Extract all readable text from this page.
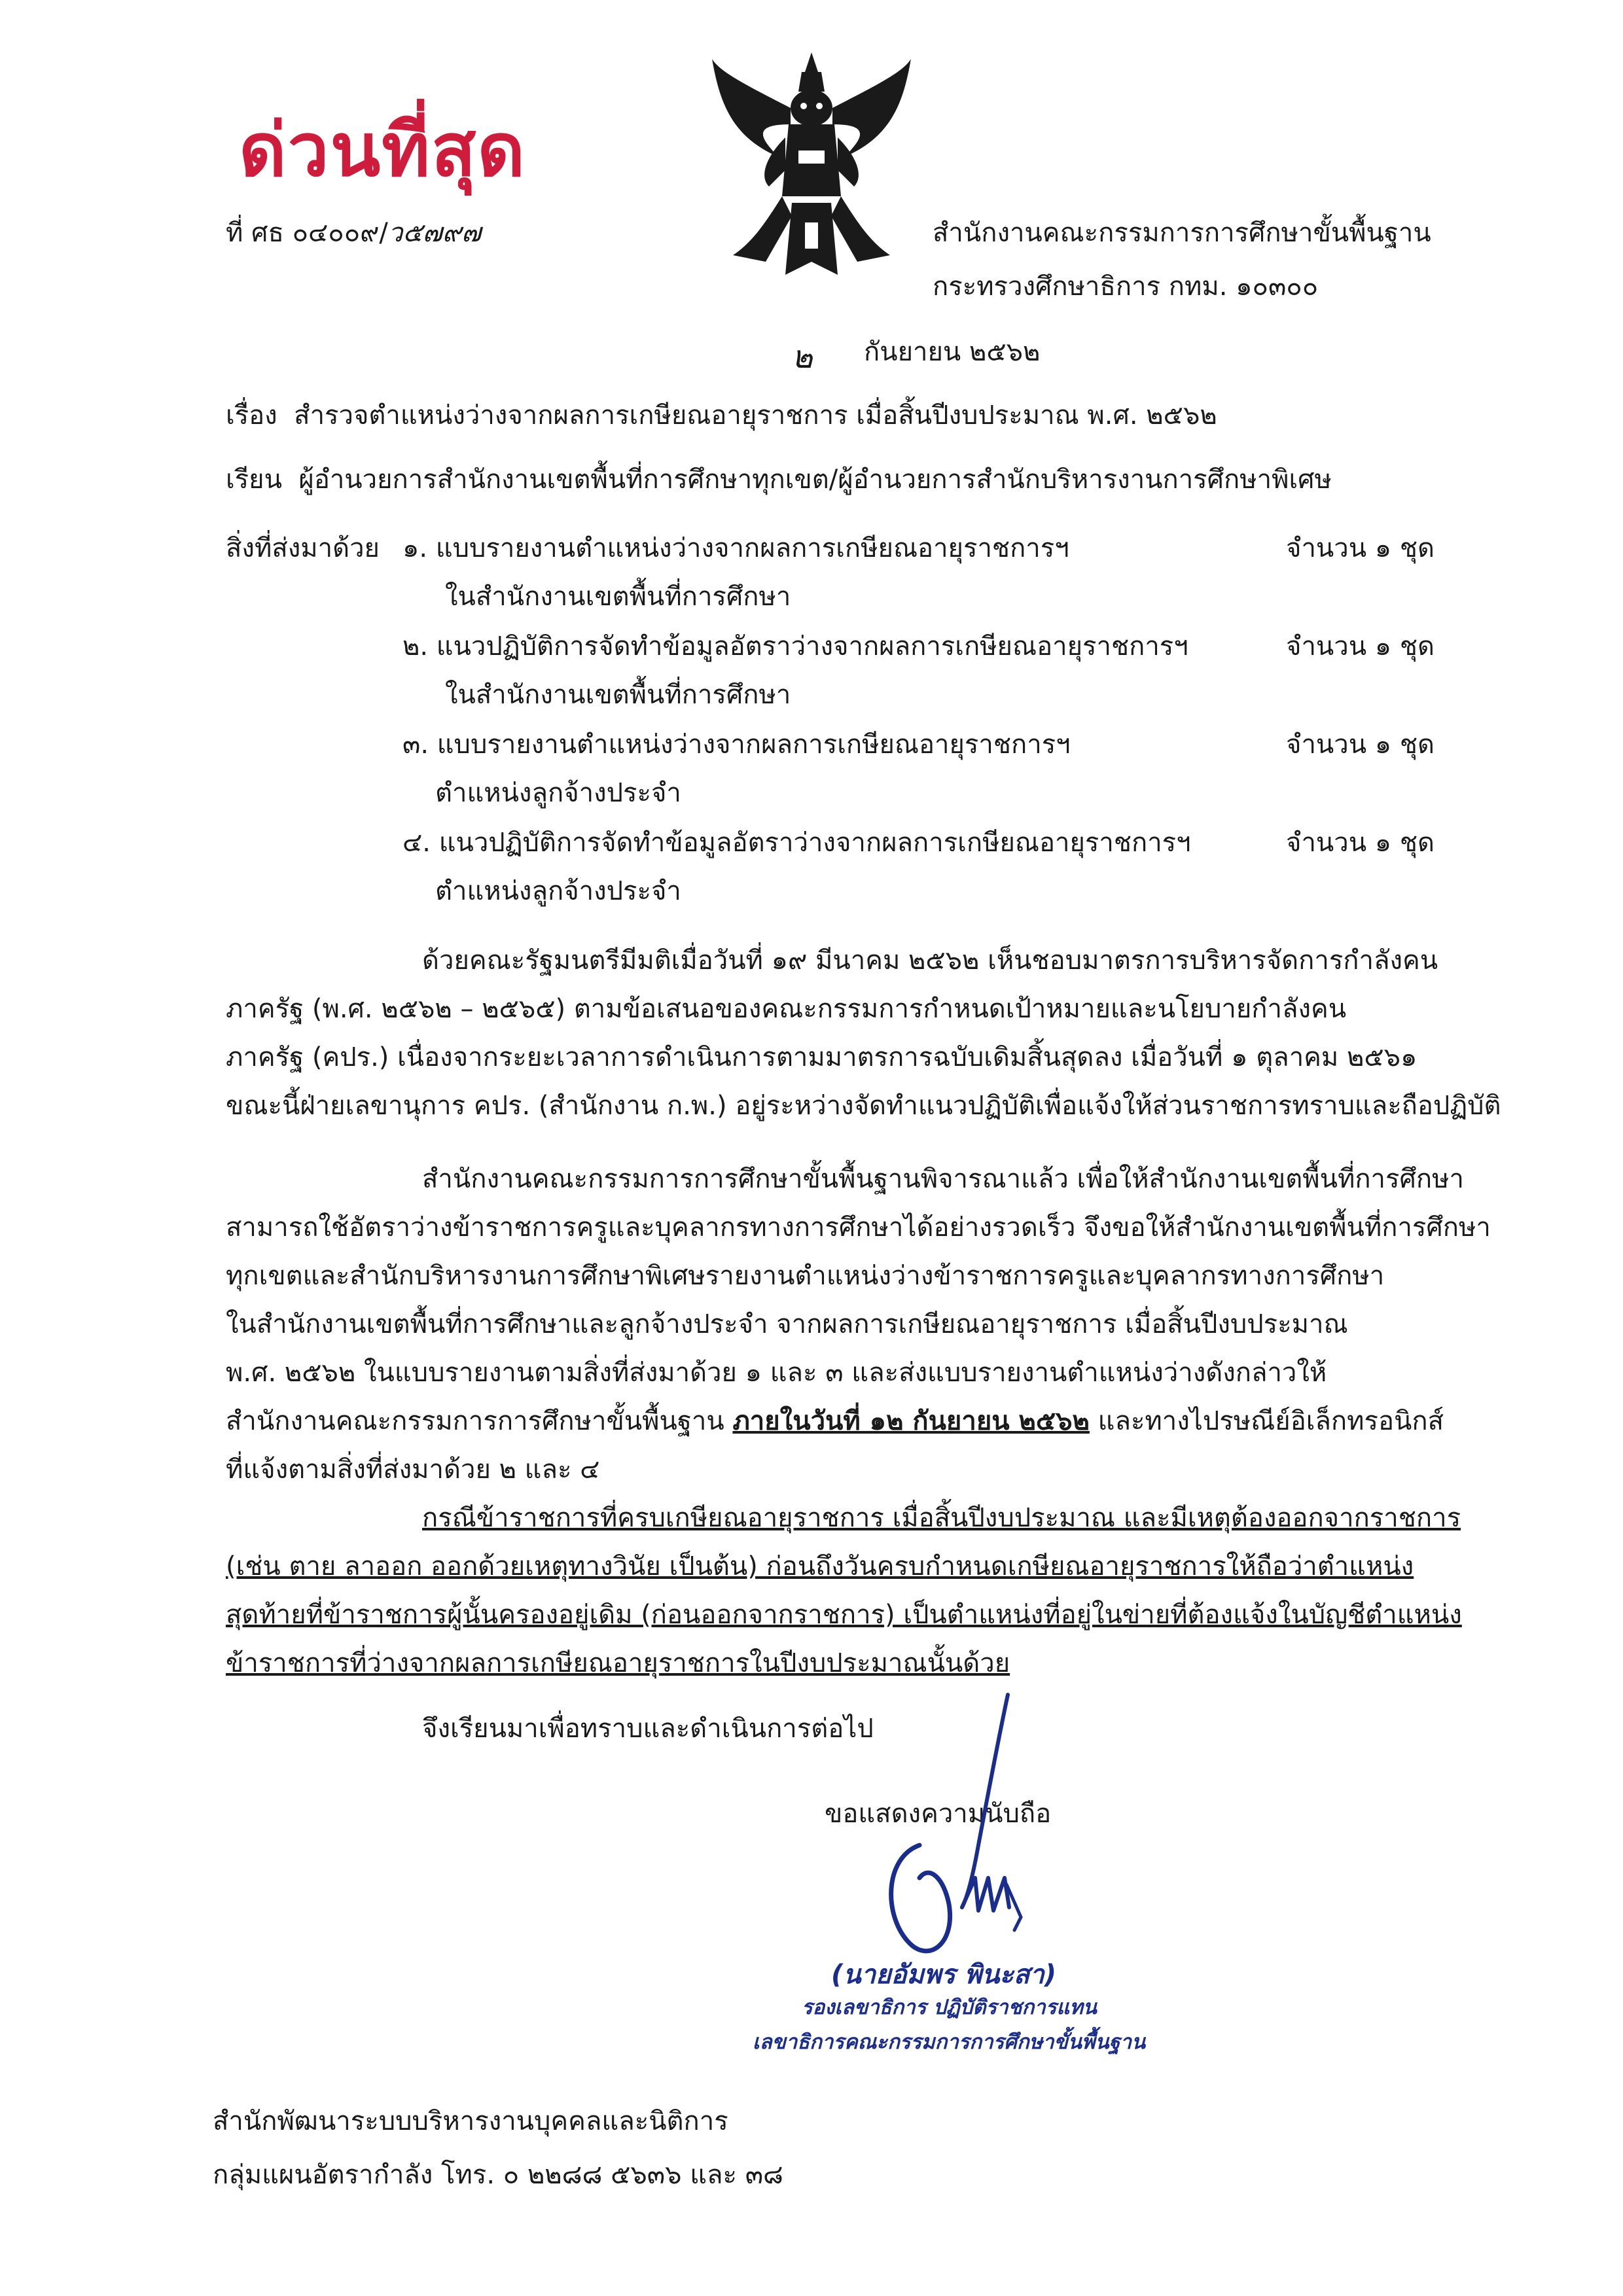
ด่วนที่สุด
ที่ ศธ ๐๔๐๐๙/ว๕๗๙๗	สำนักงานคณะกรรมการการศึกษาขั้นพื้นฐาน
กระทรวงศึกษาธิการ กทม. ๑๐๓๐๐
๒ กันยายน ๒๕๖๒
เรื่อง สำรวจตำแหน่งว่างจากผลการเกษียณอายุราชการ เมื่อสิ้นปีงบประมาณ พ.ศ. ๒๕๖๒
เรียน ผู้อำนวยการสำนักงานเขตพื้นที่การศึกษาทุกเขต/ผู้อำนวยการสำนักบริหารงานการศึกษาพิเศษ
สิ่งที่ส่งมาด้วย ๑. แบบรายงานตำแหน่งว่างจากผลการเกษียณอายุราชการฯ
ในสำนักงานเขตพื้นที่การศึกษา
จำนวน ๑ ชุด
๒. แนวปฏิบัติการจัดทำข้อมูลอัตราว่างจากผลการเกษียณอายุราชการฯ
ในสำนักงานเขตพื้นที่การศึกษา
จำนวน ๑ ชุด
๓. แบบรายงานตำแหน่งว่างจากผลการเกษียณอายุราชการฯ
ตำแหน่งลูกจ้างประจำ
จำนวน ๑ ชุด
๔. แนวปฏิบัติการจัดทำข้อมูลอัตราว่างจากผลการเกษียณอายุราชการฯ
ตำแหน่งลูกจ้างประจำ
จำนวน ๑ ชุด
ด้วยคณะรัฐมนตรีมีมติเมื่อวันที่ ๑๙ มีนาคม ๒๕๖๒ เห็นชอบมาตรการบริหารจัดการกำลังคน
ภาครัฐ (พ.ศ. ๒๕๖๒ – ๒๕๖๕) ตามข้อเสนอของคณะกรรมการกำหนดเป้าหมายและนโยบายกำลังคน
ภาครัฐ (คปร.) เนื่องจากระยะเวลาการดำเนินการตามมาตรการฉบับเดิมสิ้นสุดลง เมื่อวันที่ ๑ ตุลาคม ๒๕๖๑
ขณะนี้ฝ่ายเลขานุการ คปร. (สำนักงาน ก.พ.) อยู่ระหว่างจัดทำแนวปฏิบัติเพื่อแจ้งให้ส่วนราชการทราบและถือปฏิบัติ
สำนักงานคณะกรรมการการศึกษาขั้นพื้นฐานพิจารณาแล้ว เพื่อให้สำนักงานเขตพื้นที่การศึกษา
สามารถใช้อัตราว่างข้าราชการครูและบุคลากรทางการศึกษาได้อย่างรวดเร็ว จึงขอให้สำนักงานเขตพื้นที่การศึกษา
ทุกเขตและสำนักบริหารงานการศึกษาพิเศษรายงานตำแหน่งว่างข้าราชการครูและบุคลากรทางการศึกษา
ในสำนักงานเขตพื้นที่การศึกษาและลูกจ้างประจำ จากผลการเกษียณอายุราชการ เมื่อสิ้นปีงบประมาณ
พ.ศ. ๒๕๖๒ ในแบบรายงานตามสิ่งที่ส่งมาด้วย ๑ และ ๓ และส่งแบบรายงานตำแหน่งว่างดังกล่าวให้
สำนักงานคณะกรรมการการศึกษาขั้นพื้นฐาน ภายในวันที่ ๑๒ กันยายน ๒๕๖๒ และทางไปรษณีย์อิเล็กทรอนิกส์
ที่แจ้งตามสิ่งที่ส่งมาด้วย ๒ และ ๔
กรณีข้าราชการที่ครบเกษียณอายุราชการ เมื่อสิ้นปีงบประมาณ และมีเหตุต้องออกจากราชการ
(เช่น ตาย ลาออก ออกด้วยเหตุทางวินัย เป็นต้น) ก่อนถึงวันครบกำหนดเกษียณอายุราชการให้ถือว่าตำแหน่ง
สุดท้ายที่ข้าราชการผู้นั้นครองอยู่เดิม (ก่อนออกจากราชการ) เป็นตำแหน่งที่อยู่ในข่ายที่ต้องแจ้งในบัญชีตำแหน่ง
ข้าราชการที่ว่างจากผลการเกษียณอายุราชการในปีงบประมาณนั้นด้วย
จึงเรียนมาเพื่อทราบและดำเนินการต่อไป
ขอแสดงความนับถือ
(นายอัมพร พินะสา)
รองเลขาธิการ ปฏิบัติราชการแทน
เลขาธิการคณะกรรมการการศึกษาขั้นพื้นฐาน
สำนักพัฒนาระบบบริหารงานบุคคลและนิติการ
กลุ่มแผนอัตรากำลัง โทร. ๐ ๒๒๘๘ ๕๖๓๖ และ ๓๘
